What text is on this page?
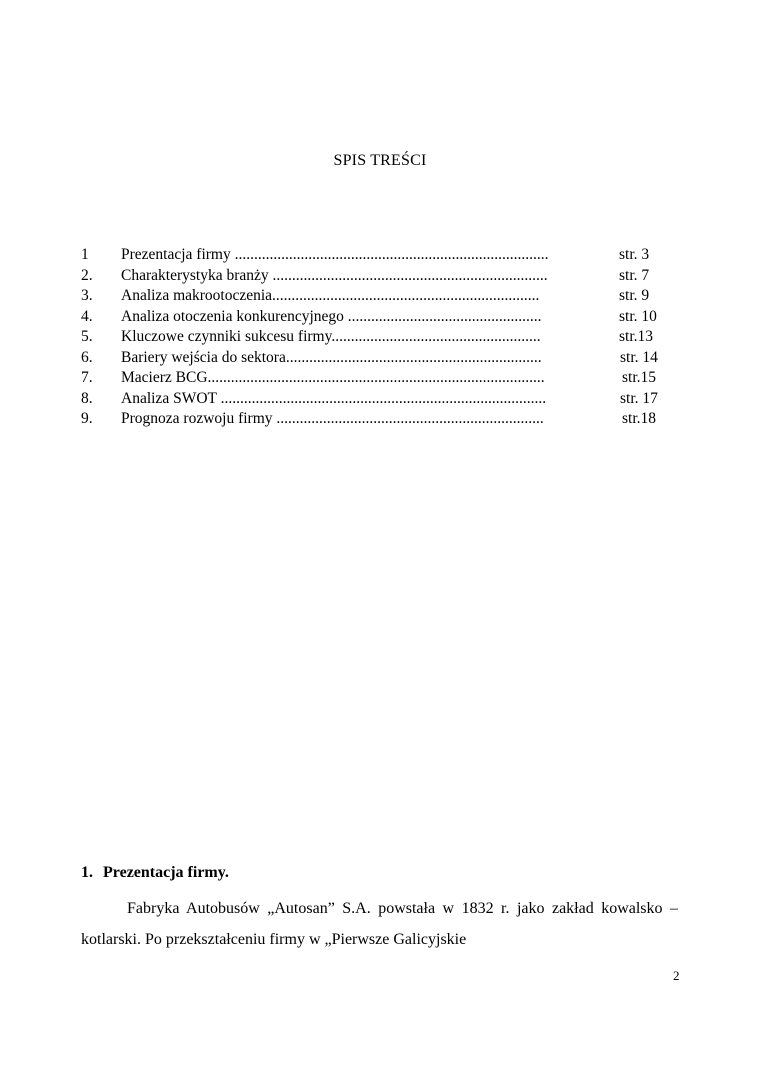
SPIS TREŚCI
1 Prezentacja firmy .................................................................................	str. 3
2. Charakterystyka branży .......................................................................	str. 7
3. Analiza makrootoczenia.....................................................................	str. 9
4. Analiza otoczenia konkurencyjnego ..................................................	str. 10
5. Kluczowe czynniki sukcesu firmy......................................................	str.13
6. Bariery wejścia do sektora..................................................................	str. 14
7. Macierz BCG.......................................................................................	str.15
8. Analiza SWOT ....................................................................................	str. 17
9. Prognoza rozwoju firmy .....................................................................	str.18
1. Prezentacja firmy.
Fabryka Autobusów „Autosan” S.A. powstała w 1832 r. jako zakład kowalsko – kotlarski. Po przekształceniu firmy w „Pierwsze Galicyjskie
2
